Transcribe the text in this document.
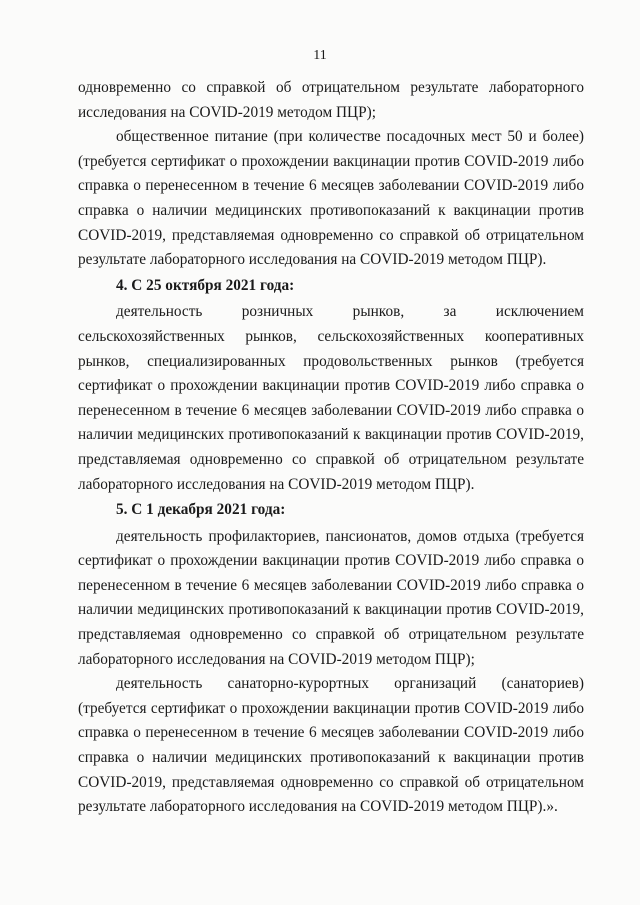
11

одновременно со справкой об отрицательном результате лабораторного исследования на COVID-2019 методом ПЦР);

общественное питание (при количестве посадочных мест 50 и более) (требуется сертификат о прохождении вакцинации против COVID-2019 либо справка о перенесенном в течение 6 месяцев заболевании COVID-2019 либо справка о наличии медицинских противопоказаний к вакцинации против COVID-2019, представляемая одновременно со справкой об отрицательном результате лабораторного исследования на COVID-2019 методом ПЦР).

4. С 25 октября 2021 года:

деятельность розничных рынков, за исключением сельскохозяйственных рынков, сельскохозяйственных кооперативных рынков, специализированных продовольственных рынков (требуется сертификат о прохождении вакцинации против COVID-2019 либо справка о перенесенном в течение 6 месяцев заболевании COVID-2019 либо справка о наличии медицинских противопоказаний к вакцинации против COVID-2019, представляемая одновременно со справкой об отрицательном результате лабораторного исследования на COVID-2019 методом ПЦР).

5. С 1 декабря 2021 года:

деятельность профилакториев, пансионатов, домов отдыха (требуется сертификат о прохождении вакцинации против COVID-2019 либо справка о перенесенном в течение 6 месяцев заболевании COVID-2019 либо справка о наличии медицинских противопоказаний к вакцинации против COVID-2019, представляемая одновременно со справкой об отрицательном результате лабораторного исследования на COVID-2019 методом ПЦР);

деятельность санаторно-курортных организаций (санаториев) (требуется сертификат о прохождении вакцинации против COVID-2019 либо справка о перенесенном в течение 6 месяцев заболевании COVID-2019 либо справка о наличии медицинских противопоказаний к вакцинации против COVID-2019, представляемая одновременно со справкой об отрицательном результате лабораторного исследования на COVID-2019 методом ПЦР).».
